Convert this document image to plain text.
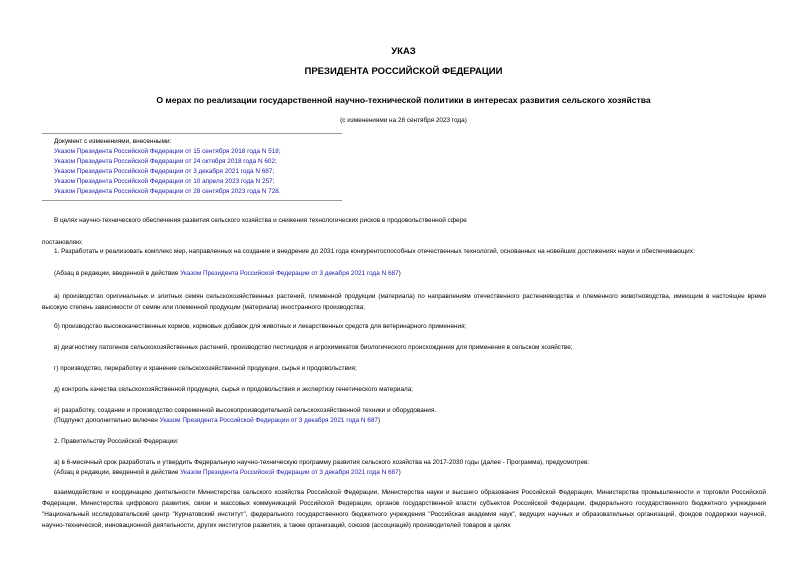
УКАЗ
ПРЕЗИДЕНТА РОССИЙСКОЙ ФЕДЕРАЦИИ
О мерах по реализации государственной научно-технической политики в интересах развития сельского хозяйства
(с изменениями на 28 сентября 2023 года)
Документ с изменениями, внесенными:
Указом Президента Российской Федерации от 15 сентября 2018 года N 518;
Указом Президента Российской Федерации от 24 октября 2018 года N 602;
Указом Президента Российской Федерации от 3 декабря 2021 года N 687;
Указом Президента Российской Федерации от 10 апреля 2023 года N 257;
Указом Президента Российской Федерации от 28 сентября 2023 года N 728.
В целях научно-технического обеспечения развития сельского хозяйства и снижения технологических рисков в продовольственной сфере
постановляю:
1. Разработать и реализовать комплекс мер, направленных на создание и внедрение до 2031 года конкурентоспособных отечественных технологий, основанных на новейших достижениях науки и обеспечивающих:
(Абзац в редакции, введенной в действие Указом Президента Российской Федерации от 3 декабря 2021 года N 687)
а) производство оригинальных и элитных семян сельскохозяйственных растений, племенной продукции (материала) по направлениям отечественного растениеводства и племенного животноводства, имеющим в настоящее время высокую степень зависимости от семян или племенной продукции (материала) иностранного производства;
б) производство высококачественных кормов, кормовых добавок для животных и лекарственных средств для ветеринарного применения;
в) диагностику патогенов сельскохозяйственных растений, производство пестицидов и агрохимикатов биологического происхождения для применения в сельском хозяйстве;
г) производство, переработку и хранение сельскохозяйственной продукции, сырья и продовольствия;
д) контроль качества сельскохозяйственной продукции, сырья и продовольствия и экспертизу генетического материала;
е) разработку, создание и производство современной высокопроизводительной сельскохозяйственной техники и оборудования.
(Подпункт дополнительно включен Указом Президента Российской Федерации от 3 декабря 2021 года N 687)
2. Правительству Российской Федерации:
а) в 6-месячный срок разработать и утвердить Федеральную научно-техническую программу развития сельского хозяйства на 2017-2030 годы (далее - Программа), предусмотрев:
(Абзац в редакции, введенной в действие Указом Президента Российской Федерации от 3 декабря 2021 года N 687)
взаимодействие и координацию деятельности Министерства сельского хозяйства Российской Федерации, Министерства науки и высшего образования Российской Федерации, Министерства промышленности и торговли Российской Федерации, Министерства цифрового развития, связи и массовых коммуникаций Российской Федерации, органов государственной власти субъектов Российской Федерации, федерального государственного бюджетного учреждения "Национальный исследовательский центр "Курчатовский институт", федерального государственного бюджетного учреждения "Российская академия наук", ведущих научных и образовательных организаций, фондов поддержки научной, научно-технической, инновационной деятельности, других институтов развития, а также организаций, союзов (ассоциаций) производителей товаров в целях
